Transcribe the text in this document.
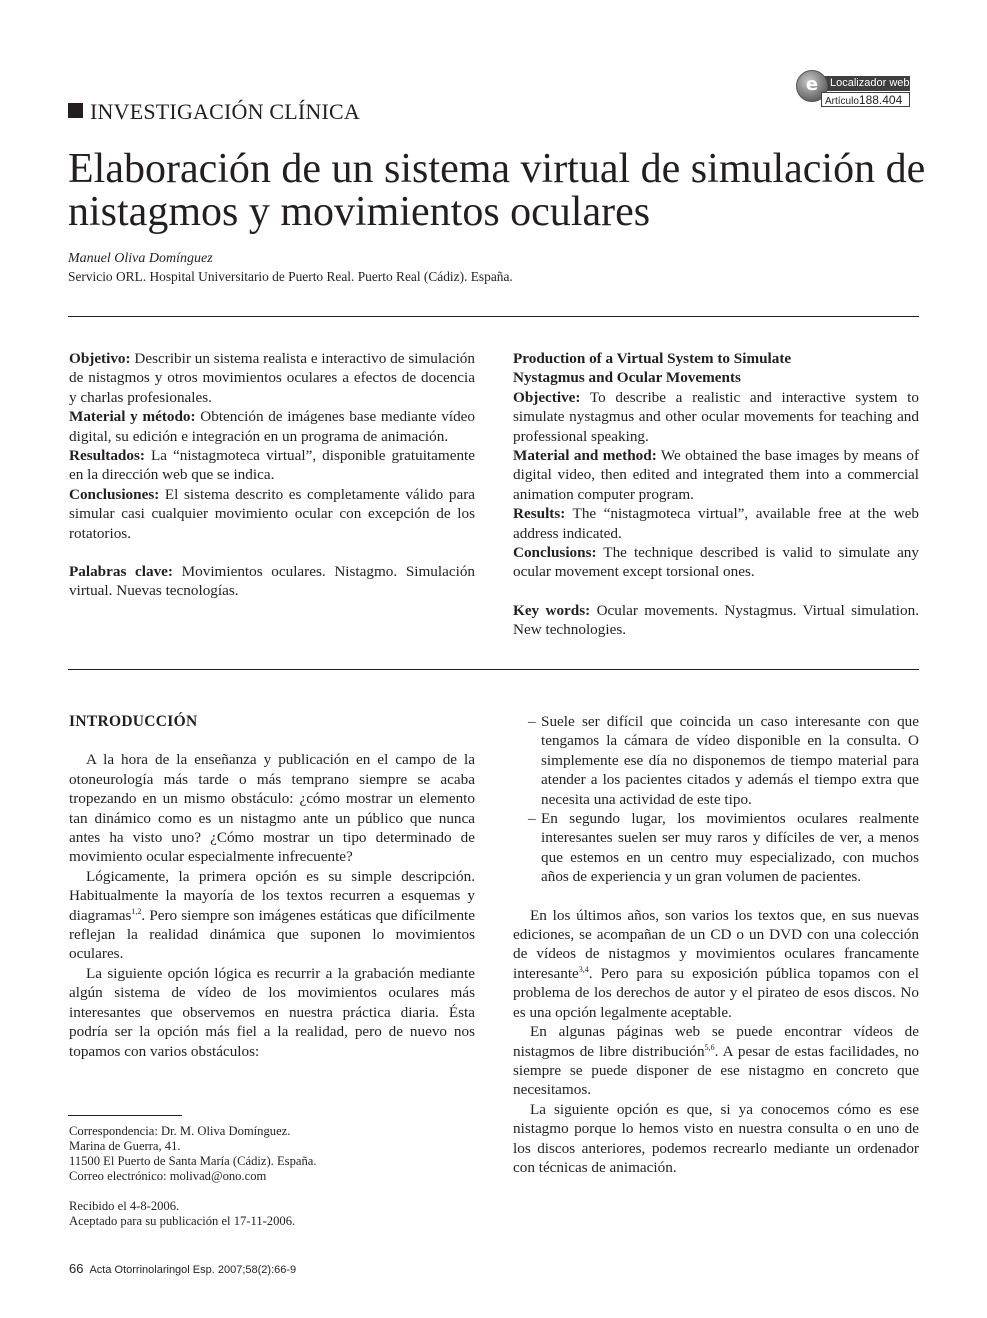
INVESTIGACIÓN CLÍNICA
Localizador web
e
Artículo188.404
Elaboración de un sistema virtual de simulación de nistagmos y movimientos oculares
Manuel Oliva Domínguez
Servicio ORL. Hospital Universitario de Puerto Real. Puerto Real (Cádiz). España.

Objetivo: Describir un sistema realista e interactivo de simulación de nistagmos y otros movimientos oculares a efectos de docencia y charlas profesionales.

Material y método: Obtención de imágenes base mediante vídeo digital, su edición e integración en un programa de animación.

Resultados: La “nistagmoteca virtual”, disponible gratuitamente en la dirección web que se indica.

Conclusiones: El sistema descrito es completamente válido para simular casi cualquier movimiento ocular con excepción de los rotatorios.

Palabras clave: Movimientos oculares. Nistagmo. Simulación virtual. Nuevas tecnologías.

Production of a Virtual System to Simulate

Nystagmus and Ocular Movements

Objective: To describe a realistic and interactive system to simulate nystagmus and other ocular movements for teaching and professional speaking.

Material and method: We obtained the base images by means of digital video, then edited and integrated them into a commercial animation computer program.

Results: The “nistagmoteca virtual”, available free at the web address indicated.

Conclusions: The technique described is valid to simulate any ocular movement except torsional ones.

Key words: Ocular movements. Nystagmus. Virtual simulation. New technologies.

INTRODUCCIÓN

A la hora de la enseñanza y publicación en el campo de la otoneurología más tarde o más temprano siempre se acaba tropezando en un mismo obstáculo: ¿cómo mostrar un elemento tan dinámico como es un nistagmo ante un público que nunca antes ha visto uno? ¿Cómo mostrar un tipo determinado de movimiento ocular especialmente infrecuente?

Lógicamente, la primera opción es su simple descripción. Habitualmente la mayoría de los textos recurren a esquemas y diagramas$^{1,2}$. Pero siempre son imágenes estáticas que difícilmente reflejan la realidad dinámica que suponen lo movimientos oculares.

La siguiente opción lógica es recurrir a la grabación mediante algún sistema de vídeo de los movimientos oculares más interesantes que observemos en nuestra práctica diaria. Ésta podría ser la opción más fiel a la realidad, pero de nuevo nos topamos con varios obstáculos:

– Suele ser difícil que coincida un caso interesante con que tengamos la cámara de vídeo disponible en la consulta. O simplemente ese día no disponemos de tiempo material para atender a los pacientes citados y además el tiempo extra que necesita una actividad de este tipo.

– En segundo lugar, los movimientos oculares realmente interesantes suelen ser muy raros y difíciles de ver, a menos que estemos en un centro muy especializado, con muchos años de experiencia y un gran volumen de pacientes.

En los últimos años, son varios los textos que, en sus nuevas ediciones, se acompañan de un CD o un DVD con una colección de vídeos de nistagmos y movimientos oculares francamente interesante$^{3,4}$. Pero para su exposición pública topamos con el problema de los derechos de autor y el pirateo de esos discos. No es una opción legalmente aceptable.

En algunas páginas web se puede encontrar vídeos de nistagmos de libre distribución$^{5,6}$. A pesar de estas facilidades, no siempre se puede disponer de ese nistagmo en concreto que necesitamos.

La siguiente opción es que, si ya conocemos cómo es ese nistagmo porque lo hemos visto en nuestra consulta o en uno de los discos anteriores, podemos recrearlo mediante un ordenador con técnicas de animación.

Correspondencia: Dr. M. Oliva Domínguez.
Marina de Guerra, 41.
11500 El Puerto de Santa María (Cádiz). España.
Correo electrónico: molivad@ono.com
Recibido el 4-8-2006.
Aceptado para su publicación el 17-11-2006.
66 Acta Otorrinolaringol Esp. 2007;58(2):66-9
